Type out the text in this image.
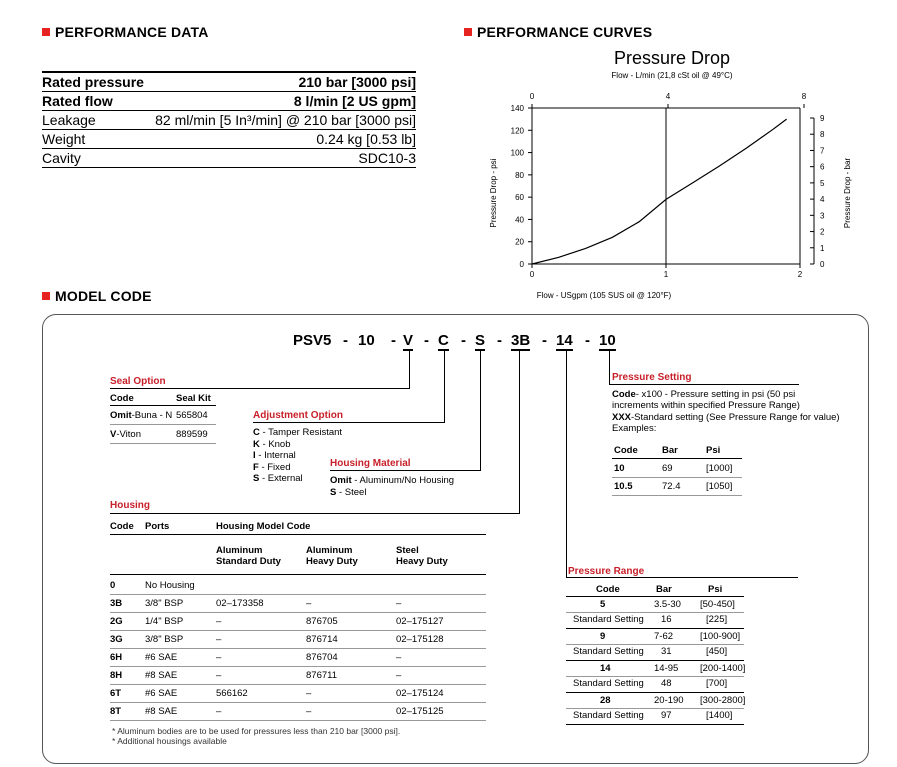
PERFORMANCE DATA	PERFORMANCE CURVES
MODEL CODE
Rated pressure	210 bar [3000 psi]
Rated flow	8 l/min [2 US gpm]
Leakage	82 ml/min [5 In³/min] @ 210 bar [3000 psi]
Weight	0.24 kg [0.53 lb]
Cavity	SDC10-3
Pressure Drop
Flow - L/min (21,8 cSt oil @ 49°C)
Flow - USgpm (105 SUS oil @ 120°F)
Pressure Drop - psi	Pressure Drop - bar
0	1	2
0
20
40
60
80
100
120
140
0	4	8
0
1
2
3
4
5
6
7
8
9
PSV5 - 10 - V - C - S - 3B - 14 - 10
Seal Option
Code	Seal Kit
Omit-Buna - N 565804
V-Viton	889599
Adjustment Option
C - Tamper Resistant
K - Knob
I - Internal
F - Fixed
S - External
Housing Material
Omit - Aluminum/No Housing
S - Steel
Housing
Code Ports	Housing Model Code
Aluminum
Standard Duty
Aluminum
Heavy Duty
Steel
Heavy Duty
0	No Housing
3B 3/8" BSP	02–173358	–	–
2G 1/4" BSP	–	876705	02–175127
3G 3/8" BSP	–	876714	02–175128
6H #6 SAE	–	876704	–
8H #8 SAE	–	876711	–
6T	#6 SAE	566162	–	02–175124
8T	#8 SAE	–	–	02–175125
* Aluminum bodies are to be used for pressures less than 210 bar [3000 psi].
* Additional housings available
Pressure Setting
Code- x100 - Pressure setting in psi (50 psi
increments within specified Pressure Range)
XXX-Standard setting (See Pressure Range for value)
Examples:
Code	Bar	Psi
10	69	[1000]
10.5	72.4	[1050]
Pressure Range
Code	Bar	Psi
5	3.5-30 [50-450]
Standard Setting 16	[225]
9	7-62	[100-900]
Standard Setting 31	[450]
14	14-95 [200-1400]
Standard Setting 48	[700]
28	20-190 [300-2800]
Standard Setting 97	[1400]
